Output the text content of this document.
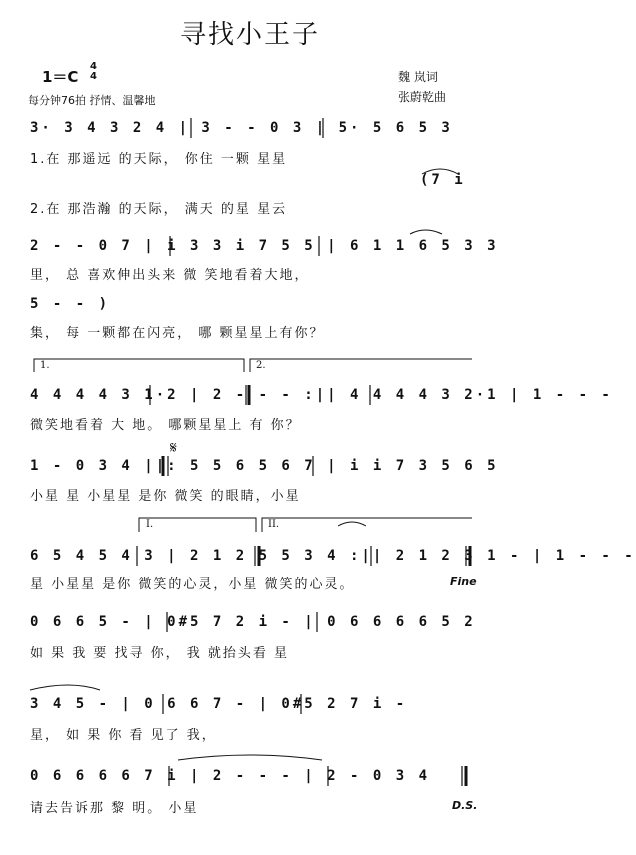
寻找小王子
1＝C
4
4
每分钟76拍 抒情、温馨地
魏 岚词
张蔚乾曲
3· 3 4 3 2 4 | 3 - - 0 3 | 5· 5 6 5 3
1.在 那遥远 的天际， 你住 一颗 星星
(7 i
2.在 那浩瀚 的天际， 满天 的星 星云
2 - - 0 7 | i 3 3 i 7 5 5 | 6 1 1 6 5 3 3
里， 总 喜欢伸出头来 微 笑地看着大地，
5 - - )
集， 每 一颗都在闪亮， 哪 颗星星上有你？
1.	2.
4 4 4 4 3 1·2 | 2 - - - :|| 4 4 4 4 3 2·1 | 1 - - -
微笑地看着 大 地。 哪颗星星上 有 你？
𝄋
1 - 0 3 4 ||: 5 5 6 5 6 7 | i i 7 3 5 6 5
小星 星 小星星 是你 微笑 的眼睛，小星
I.	II.
6 5 4 5 4 3 | 2 1 2 5 5 3 4 :|| 2 1 2 3 1 - | 1 - - -
星 小星星 是你 微笑的心灵，小星 微笑的心灵。	Fine
0 6 6 5 - | 0#5 7 2 i - | 0 6 6 6 6 5 2
如 果 我 要 找寻 你， 我 就抬头看 星
3 4 5 - | 0 6 6 7 - | 0#5 2 7 i -
星， 如 果 你 看 见了 我，
0 6 6 6 6 7 i | 2 - - - | 2 - 0 3 4
请去告诉那 黎 明。 小星	D.S.
